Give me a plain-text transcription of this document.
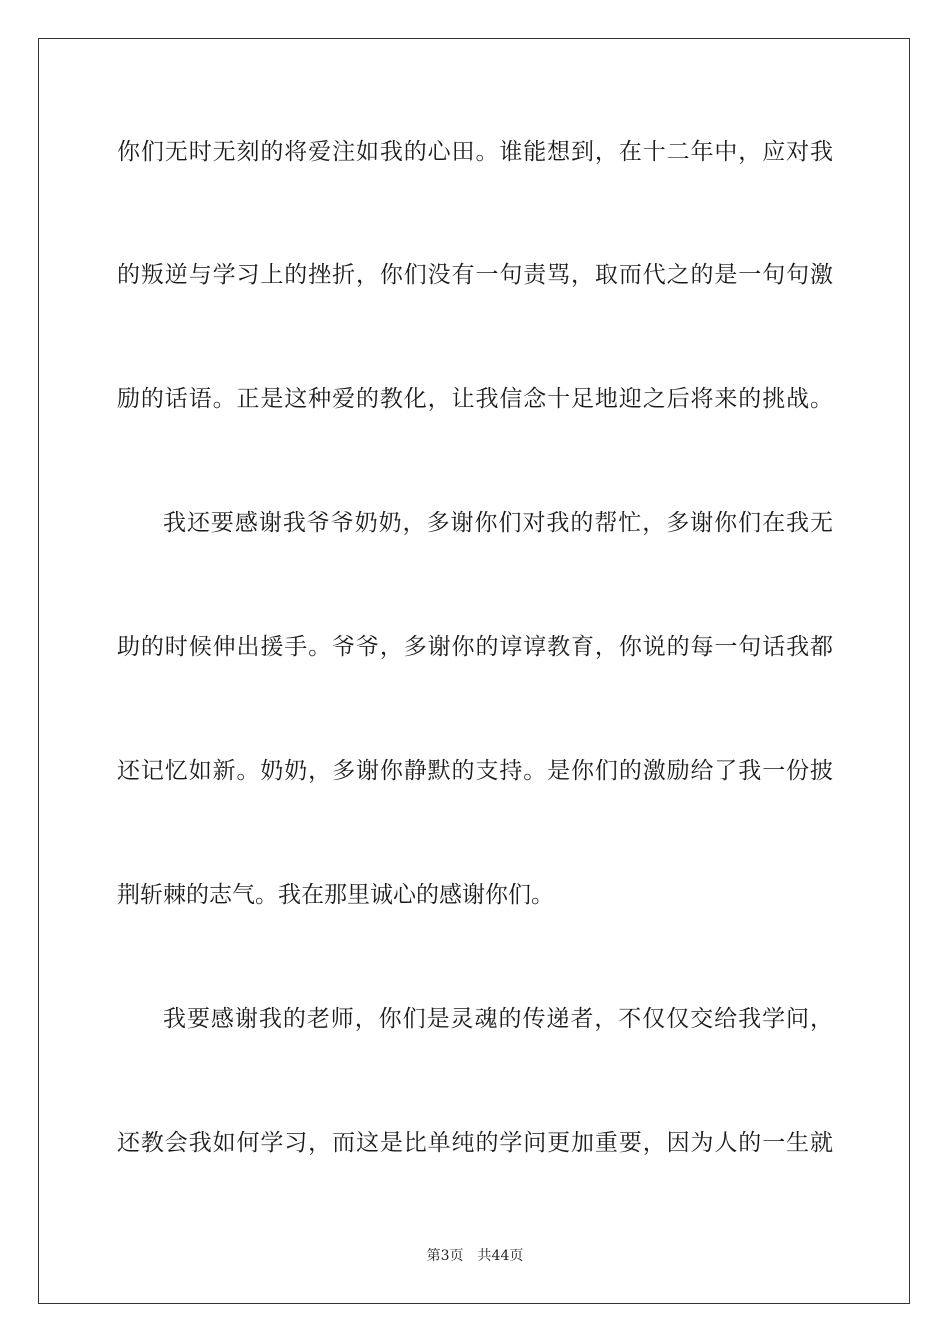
你们无时无刻的将爱注如我的心田。谁能想到，在十二年中，应对我
的叛逆与学习上的挫折，你们没有一句责骂，取而代之的是一句句激
励的话语。正是这种爱的教化，让我信念十足地迎之后将来的挑战。
我还要感谢我爷爷奶奶，多谢你们对我的帮忙，多谢你们在我无
助的时候伸出援手。爷爷，多谢你的谆谆教育，你说的每一句话我都
还记忆如新。奶奶，多谢你静默的支持。是你们的激励给了我一份披
荆斩棘的志气。我在那里诚心的感谢你们。
我要感谢我的老师，你们是灵魂的传递者，不仅仅交给我学问，
还教会我如何学习，而这是比单纯的学问更加重要，因为人的一生就
第3页 共44页
